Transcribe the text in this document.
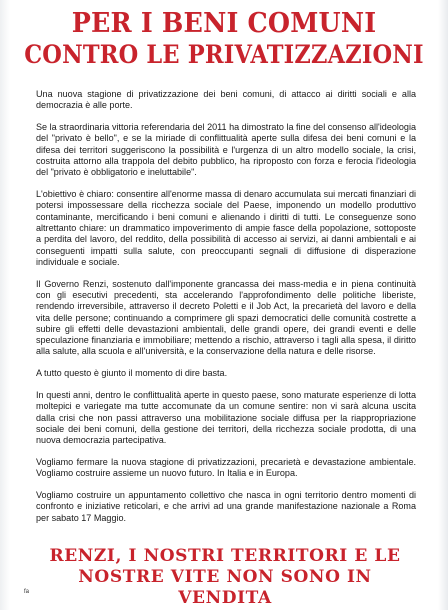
PER I BENI COMUNI
CONTRO LE PRIVATIZZAZIONI

Una nuova stagione di privatizzazione dei beni comuni, di attacco ai diritti sociali e alla democrazia è alle porte.

Se la straordinaria vittoria referendaria del 2011 ha dimostrato la fine del consenso all'ideologia del "privato è bello", e se la miriade di conflittualità aperte sulla difesa dei beni comuni e la difesa dei territori suggeriscono la possibilità e l'urgenza di un altro modello sociale, la crisi, costruita attorno alla trappola del debito pubblico, ha riproposto con forza e ferocia l'ideologia del "privato è obbligatorio e ineluttabile".

L'obiettivo è chiaro: consentire all'enorme massa di denaro accumulata sui mercati finanziari di potersi impossessare della ricchezza sociale del Paese, imponendo un modello produttivo contaminante, mercificando i beni comuni e alienando i diritti di tutti. Le conseguenze sono altrettanto chiare: un drammatico impoverimento di ampie fasce della popolazione, sottoposte a perdita del lavoro, del reddito, della possibilità di accesso ai servizi, ai danni ambientali e ai conseguenti impatti sulla salute, con preoccupanti segnali di diffusione di disperazione individuale e sociale.

Il Governo Renzi, sostenuto dall'imponente grancassa dei mass-media e in piena continuità con gli esecutivi precedenti, sta accelerando l'approfondimento delle politiche liberiste, rendendo irreversibile, attraverso il decreto Poletti e il Job Act, la precarietà del lavoro e della vita delle persone; continuando a comprimere gli spazi democratici delle comunità costrette a subire gli effetti delle devastazioni ambientali, delle grandi opere, dei grandi eventi e delle speculazione finanziaria e immobiliare; mettendo a rischio, attraverso i tagli alla spesa, il diritto alla salute, alla scuola e all'università, e la conservazione della natura e delle risorse.

A tutto questo è giunto il momento di dire basta.

In questi anni, dentro le conflittualità aperte in questo paese, sono maturate esperienze di lotta moltepici e variegate ma tutte accomunate da un comune sentire: non vi sarà alcuna uscita dalla crisi che non passi attraverso una mobilitazione sociale diffusa per la riappropriazione sociale dei beni comuni, della gestione dei territori, della ricchezza sociale prodotta, di una nuova democrazia partecipativa.

Vogliamo fermare la nuova stagione di privatizzazioni, precarietà e devastazione ambientale. Vogliamo costruire assieme un nuovo futuro. In Italia e in Europa.

Vogliamo costruire un appuntamento collettivo che nasca in ogni territorio dentro momenti di confronto e iniziative reticolari, e che arrivi ad una grande manifestazione nazionale a Roma per sabato 17 Maggio.

RENZI, I NOSTRI TERRITORI E LE NOSTRE VITE NON SONO IN VENDITA

fa
